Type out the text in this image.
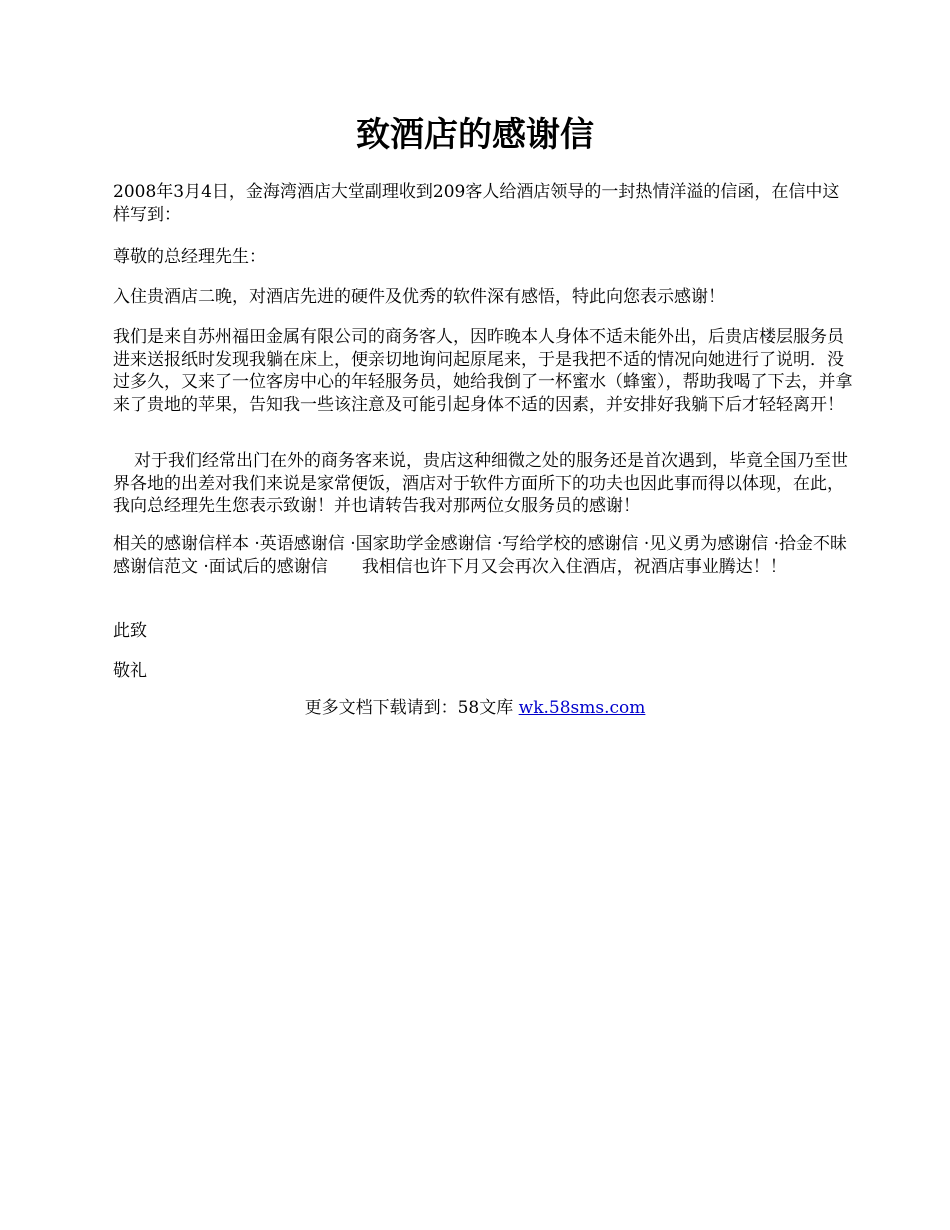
致酒店的感谢信

2008年3月4日，金海湾酒店大堂副理收到209客人给酒店领导的一封热情洋溢的信函，在信中这样写到：

尊敬的总经理先生：

入住贵酒店二晚，对酒店先进的硬件及优秀的软件深有感悟，特此向您表示感谢！

我们是来自苏州福田金属有限公司的商务客人，因昨晚本人身体不适未能外出，后贵店楼层服务员进来送报纸时发现我躺在床上，便亲切地询问起原尾来，于是我把不适的情况向她进行了说明．没过多久，又来了一位客房中心的年轻服务员，她给我倒了一杯蜜水（蜂蜜），帮助我喝了下去，并拿来了贵地的苹果，告知我一些该注意及可能引起身体不适的因素，并安排好我躺下后才轻轻离开！

对于我们经常出门在外的商务客来说，贵店这种细微之处的服务还是首次遇到，毕竟全国乃至世界各地的出差对我们来说是家常便饭，酒店对于软件方面所下的功夫也因此事而得以体现，在此，我向总经理先生您表示致谢！并也请转告我对那两位女服务员的感谢！

相关的感谢信样本 ·英语感谢信 ·国家助学金感谢信 ·写给学校的感谢信 ·见义勇为感谢信 ·拾金不昧感谢信范文 ·面试后的感谢信   我相信也许下月又会再次入住酒店，祝酒店事业腾达！！

此致

敬礼

更多文档下载请到：58文库 wk.58sms.com
